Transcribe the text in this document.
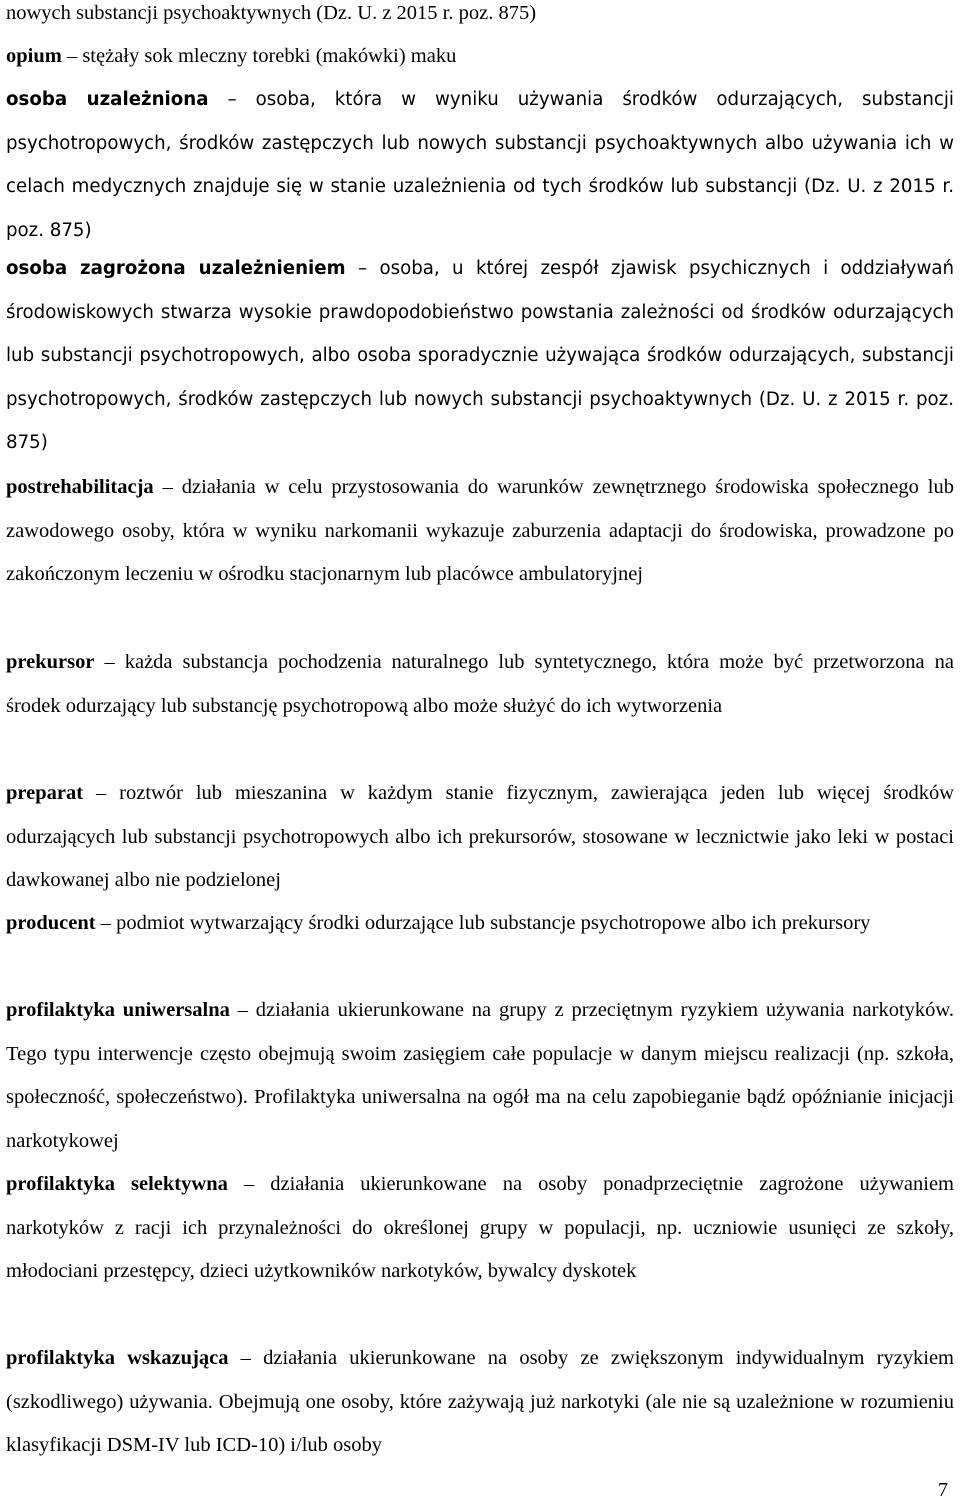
nowych substancji psychoaktywnych (Dz. U. z 2015 r. poz. 875)

opium – stężały sok mleczny torebki (makówki) maku

osoba uzależniona – osoba, która w wyniku używania środków odurzających, substancji psychotropowych, środków zastępczych lub nowych substancji psychoaktywnych albo używania ich w celach medycznych znajduje się w stanie uzależnienia od tych środków lub substancji (Dz. U. z 2015 r. poz. 875)

osoba zagrożona uzależnieniem – osoba, u której zespół zjawisk psychicznych i oddziaływań środowiskowych stwarza wysokie prawdopodobieństwo powstania zależności od środków odurzających lub substancji psychotropowych, albo osoba sporadycznie używająca środków odurzających, substancji psychotropowych, środków zastępczych lub nowych substancji psychoaktywnych (Dz. U. z 2015 r. poz. 875)

postrehabilitacja – działania w celu przystosowania do warunków zewnętrznego środowiska społecznego lub zawodowego osoby, która w wyniku narkomanii wykazuje zaburzenia adaptacji do środowiska, prowadzone po zakończonym leczeniu w ośrodku stacjonarnym lub placówce ambulatoryjnej

prekursor – każda substancja pochodzenia naturalnego lub syntetycznego, która może być przetworzona na środek odurzający lub substancję psychotropową albo może służyć do ich wytworzenia

preparat – roztwór lub mieszanina w każdym stanie fizycznym, zawierająca jeden lub więcej środków odurzających lub substancji psychotropowych albo ich prekursorów, stosowane w lecznictwie jako leki w postaci dawkowanej albo nie podzielonej

producent – podmiot wytwarzający środki odurzające lub substancje psychotropowe albo ich prekursory

profilaktyka uniwersalna – działania ukierunkowane na grupy z przeciętnym ryzykiem używania narkotyków. Tego typu interwencje często obejmują swoim zasięgiem całe populacje w danym miejscu realizacji (np. szkoła, społeczność, społeczeństwo). Profilaktyka uniwersalna na ogół ma na celu zapobieganie bądź opóźnianie inicjacji narkotykowej

profilaktyka selektywna – działania ukierunkowane na osoby ponadprzeciętnie zagrożone używaniem narkotyków z racji ich przynależności do określonej grupy w populacji, np. uczniowie usunięci ze szkoły, młodociani przestępcy, dzieci użytkowników narkotyków, bywalcy dyskotek

profilaktyka wskazująca – działania ukierunkowane na osoby ze zwiększonym indywidualnym ryzykiem (szkodliwego) używania. Obejmują one osoby, które zażywają już narkotyki (ale nie są uzależnione w rozumieniu klasyfikacji DSM-IV lub ICD-10) i/lub osoby

7
